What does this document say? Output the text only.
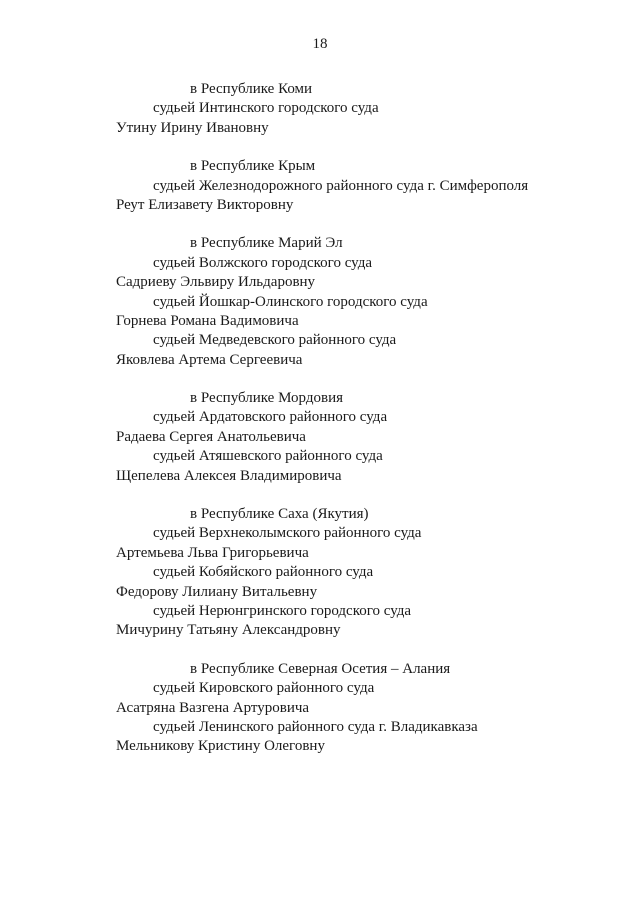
18
в Республике Коми
судьей Интинского городского суда
Утину Ирину Ивановну
в Республике Крым
судьей Железнодорожного районного суда г. Симферополя
Реут Елизавету Викторовну
в Республике Марий Эл
судьей Волжского городского суда
Садриеву Эльвиру Ильдаровну
судьей Йошкар-Олинского городского суда
Горнева Романа Вадимовича
судьей Медведевского районного суда
Яковлева Артема Сергеевича
в Республике Мордовия
судьей Ардатовского районного суда
Радаева Сергея Анатольевича
судьей Атяшевского районного суда
Щепелева Алексея Владимировича
в Республике Саха (Якутия)
судьей Верхнеколымского районного суда
Артемьева Льва Григорьевича
судьей Кобяйского районного суда
Федорову Лилиану Витальевну
судьей Нерюнгринского городского суда
Мичурину Татьяну Александровну
в Республике Северная Осетия – Алания
судьей Кировского районного суда
Асатряна Вазгена Артуровича
судьей Ленинского районного суда г. Владикавказа
Мельникову Кристину Олеговну
